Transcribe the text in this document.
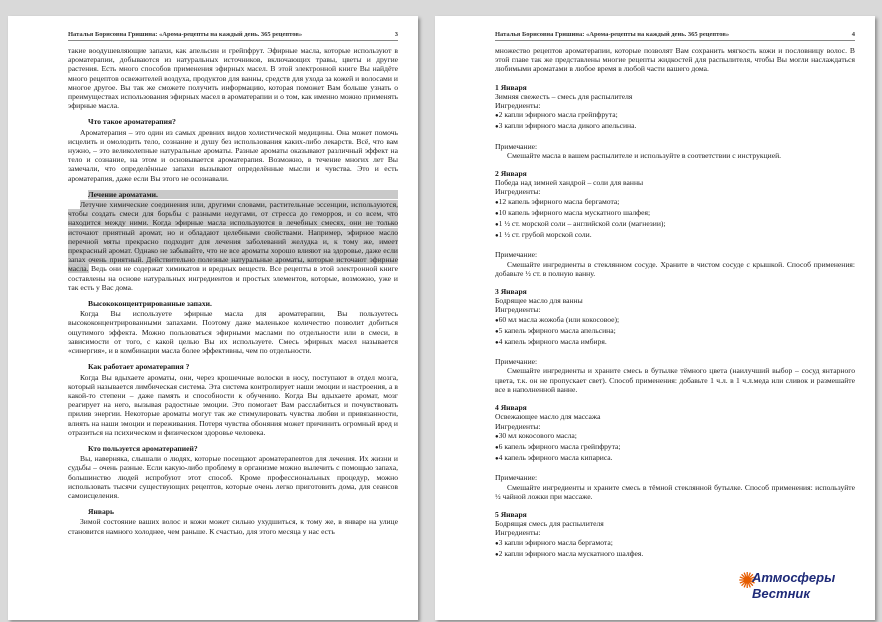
Наталья Борисовна Гришина: «Арома-рецепты на каждый день. 365 рецептов»	3

такие воодушевляющие запахи, как апельсин и грейпфрут. Эфирные масла, которые используют в ароматерапии, добываются из натуральных источников, включающих травы, цветы и другие растения. Есть много способов применения эфирных масел. В этой электронной книге Вы найдёте много рецептов освежителей воздуха, продуктов для ванны, средств для ухода за кожей и волосами и многое другое. Вы так же сможете получить информацию, которая поможет Вам больше узнать о преимуществах использования эфирных масел в ароматерапии и о том, как именно можно применять эфирные масла.

Что такое ароматерапия?

Ароматерапия – это один из самых древних видов холистической медицины. Она может помочь исцелить и омолодить тело, сознание и душу без использования каких-либо лекарств. Всё, что вам нужно, – это великолепные натуральные ароматы. Разные ароматы оказывают различный эффект на тело и сознание, на этом и основывается ароматерапия. Возможно, в течение многих лет Вы замечали, что определённые запахи вызывают определённые мысли и чувства. Это и есть ароматерапия, даже если Вы этого не осознавали.

Лечение ароматами.

Летучие химические соединения или, другими словами, растительные эссенции, используются, чтобы создать смеси для борьбы с разными недугами, от стресса до геморроя, и со всем, что находится между ними. Когда эфирные масла используются в лечебных смесях, они не только источают приятный аромат, но и обладают целебными свойствами. Например, эфирное масло перечной мяты прекрасно подходит для лечения заболеваний желудка и, к тому же, имеет прекрасный аромат. Однако не забывайте, что не все ароматы хорошо влияют на здоровье, даже если запах очень приятный. Действительно полезные натуральные ароматы, которые источают эфирные масла. Ведь они не содержат химикатов и вредных веществ. Все рецепты в этой электронной книге составлены на основе натуральных ингредиентов и простых элементов, которые, возможно, уже и так есть у Вас дома.

Высококонцентрированные запахи.

Когда Вы используете эфирные масла для ароматерапии, Вы пользуетесь высококонцентрированными запахами. Поэтому даже маленькое количество позволит добиться ощутимого эффекта. Можно пользоваться эфирными маслами по отдельности или в смеси, в зависимости от того, с какой целью Вы их используете. Смесь эфирных масел называется «синергия», и в комбинации масла более эффективны, чем по отдельности.

Как работает ароматерапия ?

Когда Вы вдыхаете ароматы, они, через крошечные волоски в носу, поступают в отдел мозга, который называется лимбическая система. Эта система контролирует наши эмоции и настроения, а в какой-то степени – даже память и способности к обучению. Когда Вы вдыхаете аромат, мозг реагирует на него, вызывая радостные эмоции. Это помогает Вам расслабиться и почувствовать прилив энергии. Некоторые ароматы могут так же стимулировать чувства любви и привязанности, влиять на наши эмоции и переживания. Потеря чувства обоняния может причинить огромный вред и отразиться на психическом и физическом здоровье человека.

Кто пользуется ароматерапией?

Вы, наверняка, слышали о людях, которые посещают ароматерапевтов для лечения. Их жизни и судьбы – очень разные. Если какую-либо проблему в организме можно вылечить с помощью запаха, большинство людей испробуют этот способ. Кроме профессиональных процедур, можно использовать тысячи существующих рецептов, которые очень легко приготовить дома, для сеансов самоисцеления.

Январь

Зимой состояние ваших волос и кожи может сильно ухудшиться, к тому же, в январе на улице становится намного холоднее, чем раньше. К счастью, для этого месяца у нас есть

Наталья Борисовна Гришина: «Арома-рецепты на каждый день. 365 рецептов»	4

множество рецептов ароматерапии, которые позволят Вам сохранить мягкость кожи и пословницу волос. В этой главе так же представлены многие рецепты жидкостей для распылителя, чтобы Вы могли наслаждаться любимыми ароматами в любое время в любой части вашего дома.

1 Января
Зимняя свежесть – смесь для распылителя
Ингредиенты:
● 2 капли эфирного масла грейпфрута;
● 3 капли эфирного масла дикого апельсина.
Примечание:

Смешайте масла в вашем распылителе и используйте в соответствии с инструкцией.

2 Января
Победа над зимней хандрой – соли для ванны
Ингредиенты:
● 12 капель эфирного масла бергамота;
● 10 капель эфирного масла мускатного шалфея;
● 1 ½ ст. морской соли – английской соли (магнезии);
● 1 ½ ст. грубой морской соли.
Примечание:

Смешайте ингредиенты в стеклянном сосуде. Храните в чистом сосуде с крышкой. Способ применения: добавьте ½ ст. в полную ванну.

3 Января
Бодрящее масло для ванны
Ингредиенты:
● 60 мл масла жожоба (или кокосовое);
● 5 капель эфирного масла апельсина;
● 4 капель эфирного масла имбиря.
Примечание:

Смешайте ингредиенты и храните смесь в бутылке тёмного цвета (наилучший выбор – сосуд янтарного цвета, т.к. он не пропускает свет). Способ применения: добавьте 1 ч.л. в 1 ч.л.меда или сливок и размешайте все в наполненной ванне.

4 Января
Освежающее масло для массажа
Ингредиенты:
● 30 мл кокосового масла;
● 6 капель эфирного масла грейпфрута;
● 4 капель эфирного масла кипариса.
Примечание:

Смешайте ингредиенты и храните смесь в тёмной стеклянной бутылке. Способ применения: используйте ½ чайной ложки при массаже.

5 Января
Бодрящая смесь для распылителя
Ингредиенты:
● 3 капли эфирного масла бергамота;
● 2 капли эфирного масла мускатного шалфея.
✺
Атмосферы
Вестник
